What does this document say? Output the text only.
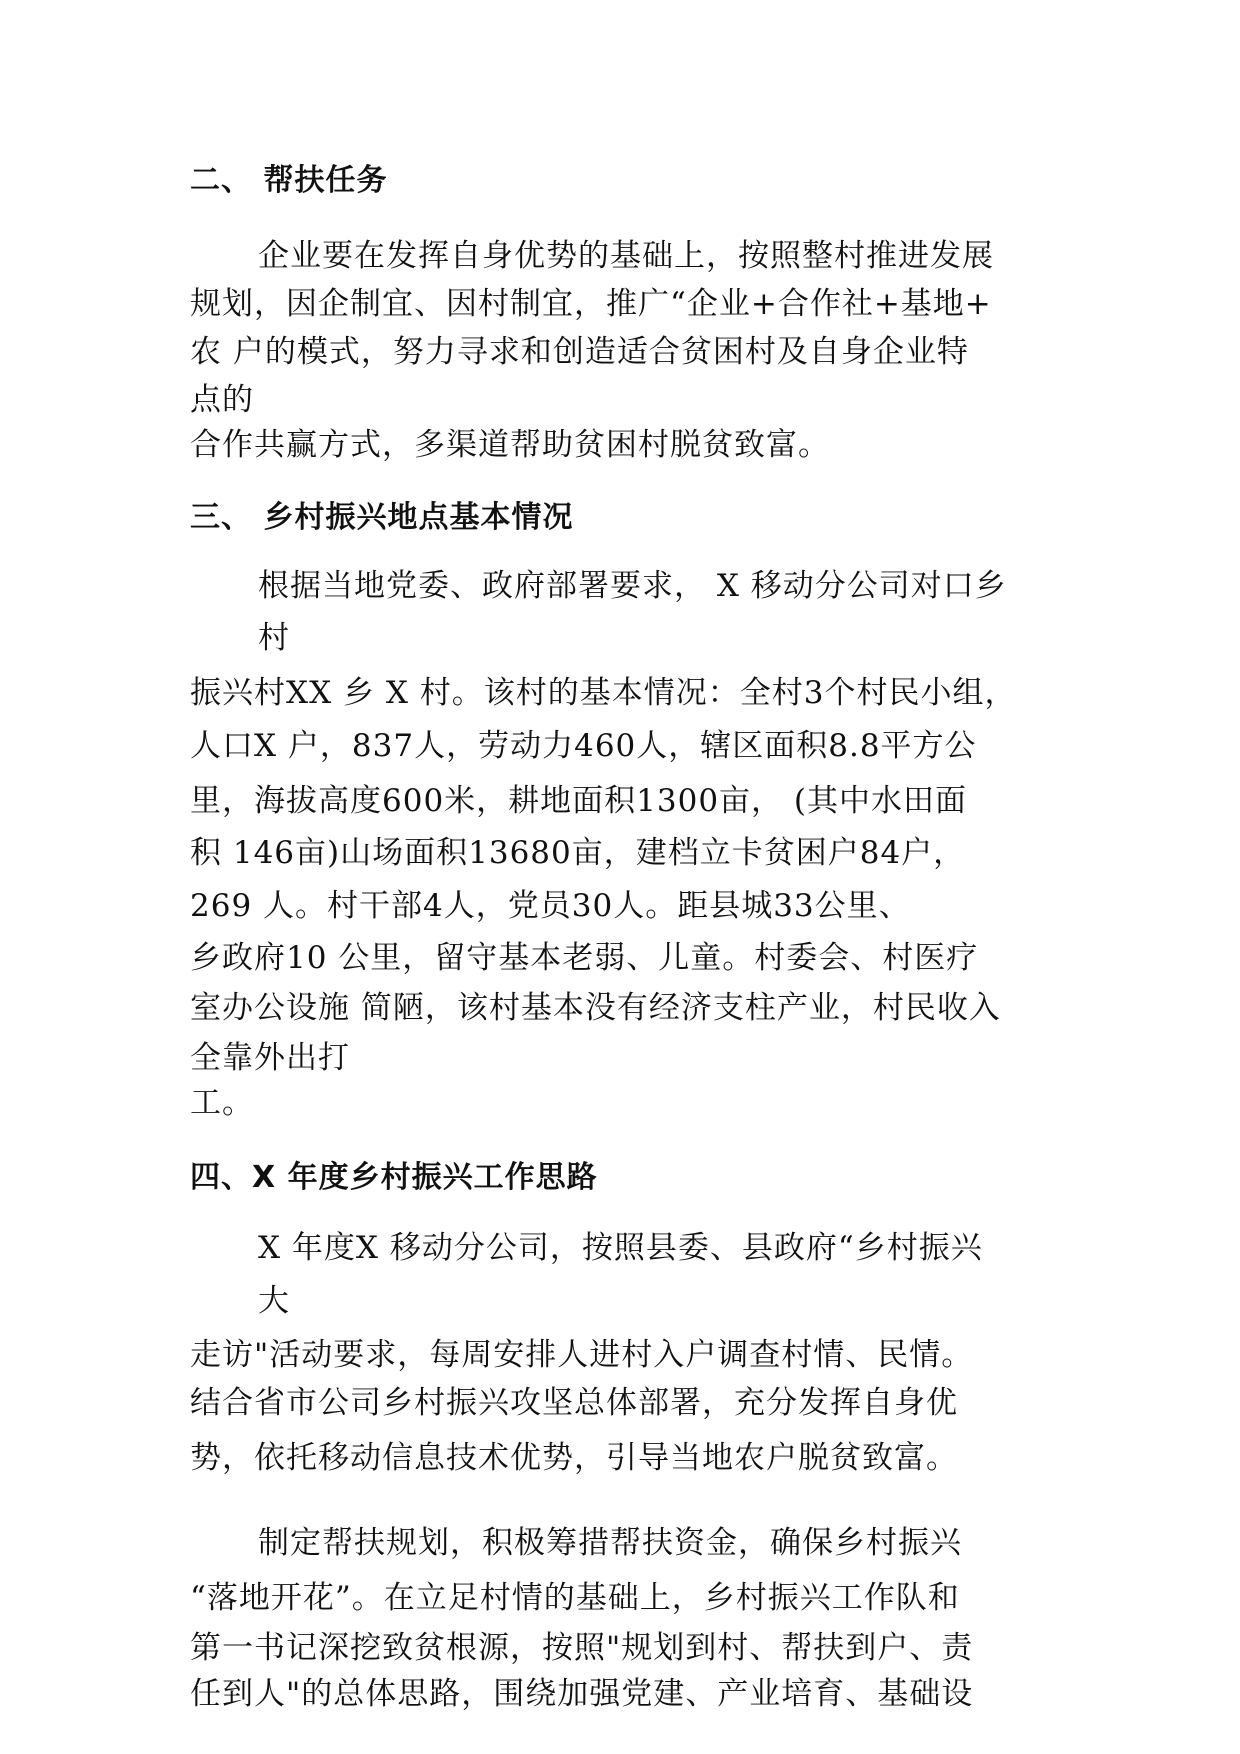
二、 帮扶任务
企业要在发挥自身优势的基础上，按照整村推进发展
规划，因企制宜、因村制宜，推广“企业+合作社+基地+
农 户的模式，努力寻求和创造适合贫困村及自身企业特
点的
合作共赢方式，多渠道帮助贫困村脱贫致富。
三、 乡村振兴地点基本情况
根据当地党委、政府部署要求， X 移动分公司对口乡
村
振兴村XX 乡 X 村。该村的基本情况：全村3个村民小组，
人口X 户，837人，劳动力460人，辖区面积8.8平方公
里，海拔高度600米，耕地面积1300亩， (其中水田面
积 146亩)山场面积13680亩，建档立卡贫困户84户，
269 人。村干部4人，党员30人。距县城33公里、
乡政府10 公里，留守基本老弱、儿童。村委会、村医疗
室办公设施 简陋，该村基本没有经济支柱产业，村民收入
全靠外出打
工。
四、X 年度乡村振兴工作思路
X 年度X 移动分公司，按照县委、县政府“乡村振兴
大
走访"活动要求，每周安排人进村入户调查村情、民情。
结合省市公司乡村振兴攻坚总体部署，充分发挥自身优
势，依托移动信息技术优势，引导当地农户脱贫致富。
制定帮扶规划，积极筹措帮扶资金，确保乡村振兴
“落地开花”。在立足村情的基础上，乡村振兴工作队和
第一书记深挖致贫根源，按照"规划到村、帮扶到户、责
任到人"的总体思路，围绕加强党建、产业培育、基础设
